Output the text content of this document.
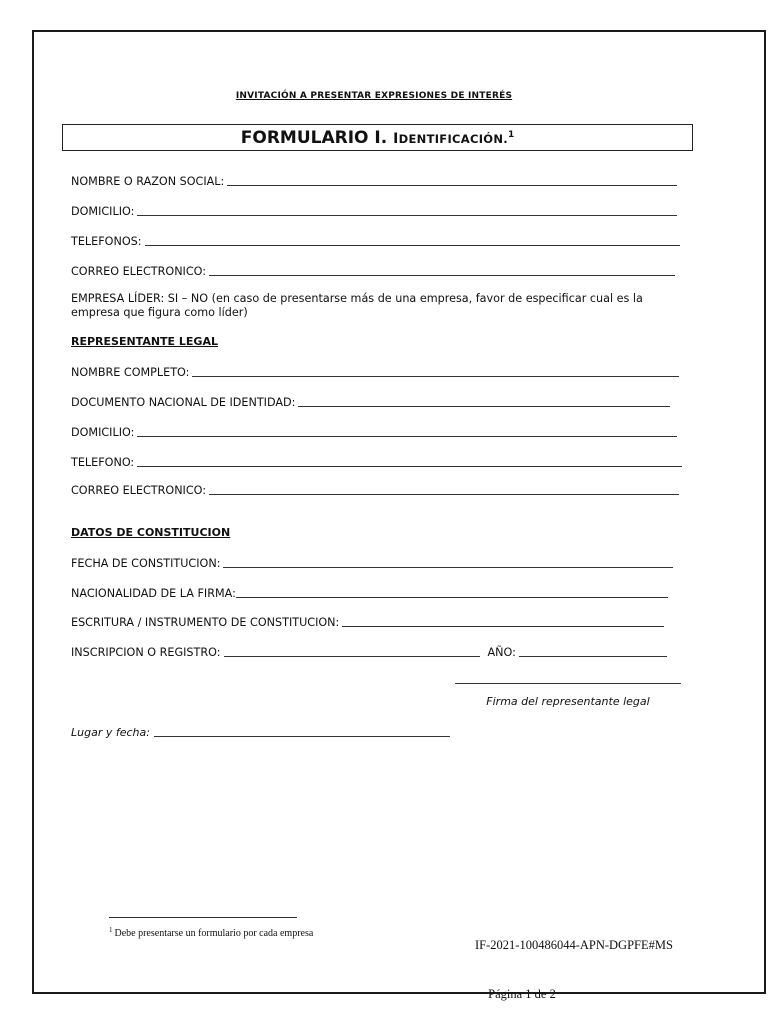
INVITACIÓN A PRESENTAR EXPRESIONES DE INTERÉS
FORMULARIO I. IDENTIFICACIÓN.$^1$
NOMBRE O RAZON SOCIAL:
DOMICILIO:
TELEFONOS:
CORREO ELECTRONICO:
EMPRESA LÍDER: SI – NO (en caso de presentarse más de una empresa, favor de especificar cual es la empresa que figura como líder)
REPRESENTANTE LEGAL
NOMBRE COMPLETO:
DOCUMENTO NACIONAL DE IDENTIDAD:
DOMICILIO:
TELEFONO:
CORREO ELECTRONICO:
DATOS DE CONSTITUCION
FECHA DE CONSTITUCION:
NACIONALIDAD DE LA FIRMA:
ESCRITURA / INSTRUMENTO DE CONSTITUCION:
INSCRIPCION O REGISTRO:	AÑO:
Firma del representante legal
Lugar y fecha:
$^1$ Debe presentarse un formulario por cada empresa
IF-2021-100486044-APN-DGPFE#MS
Página 1 de 2
